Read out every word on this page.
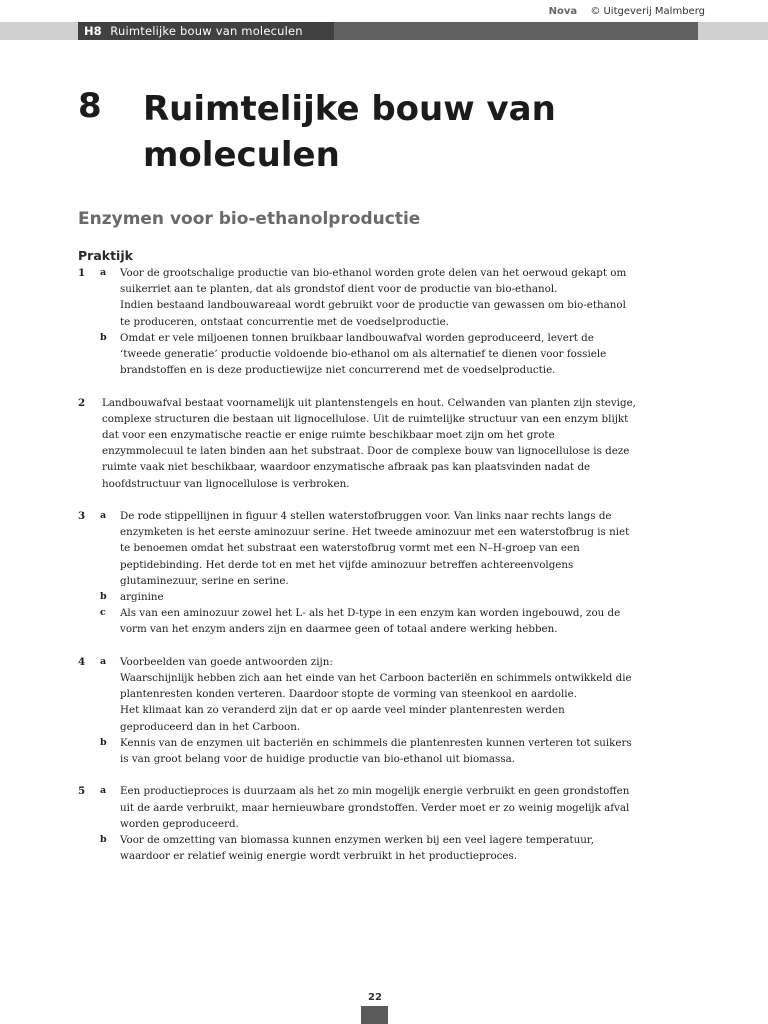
Nova © Uitgeverij Malmberg
H8 Ruimtelijke bouw van moleculen
8 Ruimtelijke bouw van moleculen
Enzymen voor bio-ethanolproductie
Praktijk
1	a Voor de grootschalige productie van bio-ethanol worden grote delen van het oerwoud gekapt om suikerriet aan te planten, dat als grondstof dient voor de productie van bio-ethanol.

Indien bestaand landbouwareaal wordt gebruikt voor de productie van gewassen om bio-ethanol te produceren, ontstaat concurrentie met de voedselproductie.

b Omdat er vele miljoenen tonnen bruikbaar landbouwafval worden geproduceerd, levert de ‘tweede generatie’ productie voldoende bio-ethanol om als alternatief te dienen voor fossiele brandstoffen en is deze productiewijze niet concurrerend met de voedselproductie.

2	Landbouwafval bestaat voornamelijk uit plantenstengels en hout. Celwanden van planten zijn stevige, complexe structuren die bestaan uit lignocellulose. Uit de ruimtelijke structuur van een enzym blijkt dat voor een enzymatische reactie er enige ruimte beschikbaar moet zijn om het grote enzymmolecuul te laten binden aan het substraat. Door de complexe bouw van lignocellulose is deze ruimte vaak niet beschikbaar, waardoor enzymatische afbraak pas kan plaatsvinden nadat de hoofdstructuur van lignocellulose is verbroken.

3	a De rode stippellijnen in figuur 4 stellen waterstofbruggen voor. Van links naar rechts langs de enzymketen is het eerste aminozuur serine. Het tweede aminozuur met een waterstofbrug is niet te benoemen omdat het substraat een waterstofbrug vormt met een N–H-groep van een peptidebinding. Het derde tot en met het vijfde aminozuur betreffen achtereenvolgens glutaminezuur, serine en serine.

b arginine

c Als van een aminozuur zowel het L- als het D-type in een enzym kan worden ingebouwd, zou de vorm van het enzym anders zijn en daarmee geen of totaal andere werking hebben.

4	a Voorbeelden van goede antwoorden zijn:

Waarschijnlijk hebben zich aan het einde van het Carboon bacteriën en schimmels ontwikkeld die plantenresten konden verteren. Daardoor stopte de vorming van steenkool en aardolie.

Het klimaat kan zo veranderd zijn dat er op aarde veel minder plantenresten werden geproduceerd dan in het Carboon.

b Kennis van de enzymen uit bacteriën en schimmels die plantenresten kunnen verteren tot suikers is van groot belang voor de huidige productie van bio-ethanol uit biomassa.

5	a Een productieproces is duurzaam als het zo min mogelijk energie verbruikt en geen grondstoffen uit de aarde verbruikt, maar hernieuwbare grondstoffen. Verder moet er zo weinig mogelijk afval worden geproduceerd.

b Voor de omzetting van biomassa kunnen enzymen werken bij een veel lagere temperatuur, waardoor er relatief weinig energie wordt verbruikt in het productieproces.

22
